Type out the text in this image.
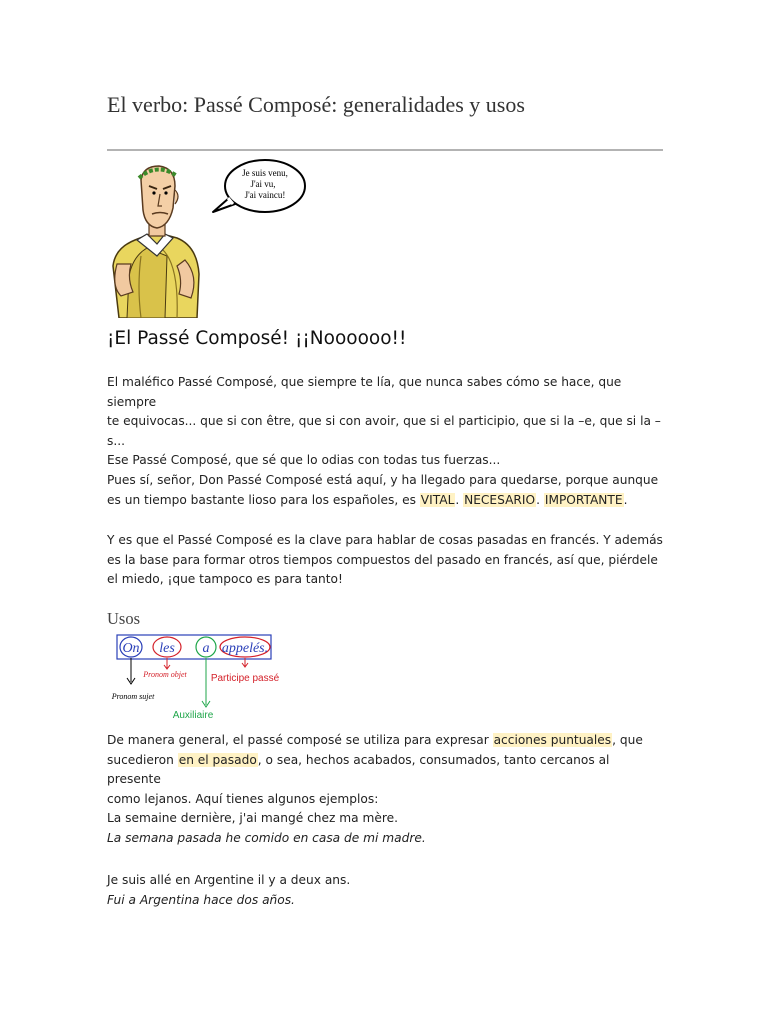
El verbo: Passé Composé: generalidades y usos
Je suis venu,
J'ai vu,
J'ai vaincu!
¡El Passé Composé! ¡¡Noooooo!!

El maléfico Passé Composé, que siempre te lía, que nunca sabes cómo se hace, que siempre
te equivocas... que si con être, que si con avoir, que si el participio, que si la –e, que si la –
s...
Ese Passé Composé, que sé que lo odias con todas tus fuerzas...

Pues sí, señor, Don Passé Composé está aquí, y ha llegado para quedarse, porque aunque
es un tiempo bastante lioso para los españoles, es VITAL. NECESARIO. IMPORTANTE.

Y es que el Passé Composé es la clave para hablar de cosas pasadas en francés. Y además
es la base para formar otros tiempos compuestos del pasado en francés, así que, piérdele
el miedo, ¡que tampoco es para tanto!

Usos
On les a appelés.
Pronom objet Participe passé
Pronom sujet
Auxiliaire

De manera general, el passé composé se utiliza para expresar acciones puntuales, que
sucedieron en el pasado, o sea, hechos acabados, consumados, tanto cercanos al presente
como lejanos. Aquí tienes algunos ejemplos:

La semaine dernière, j'ai mangé chez ma mère.
La semana pasada he comido en casa de mi madre.

Je suis allé en Argentine il y a deux ans.
Fui a Argentina hace dos años.
